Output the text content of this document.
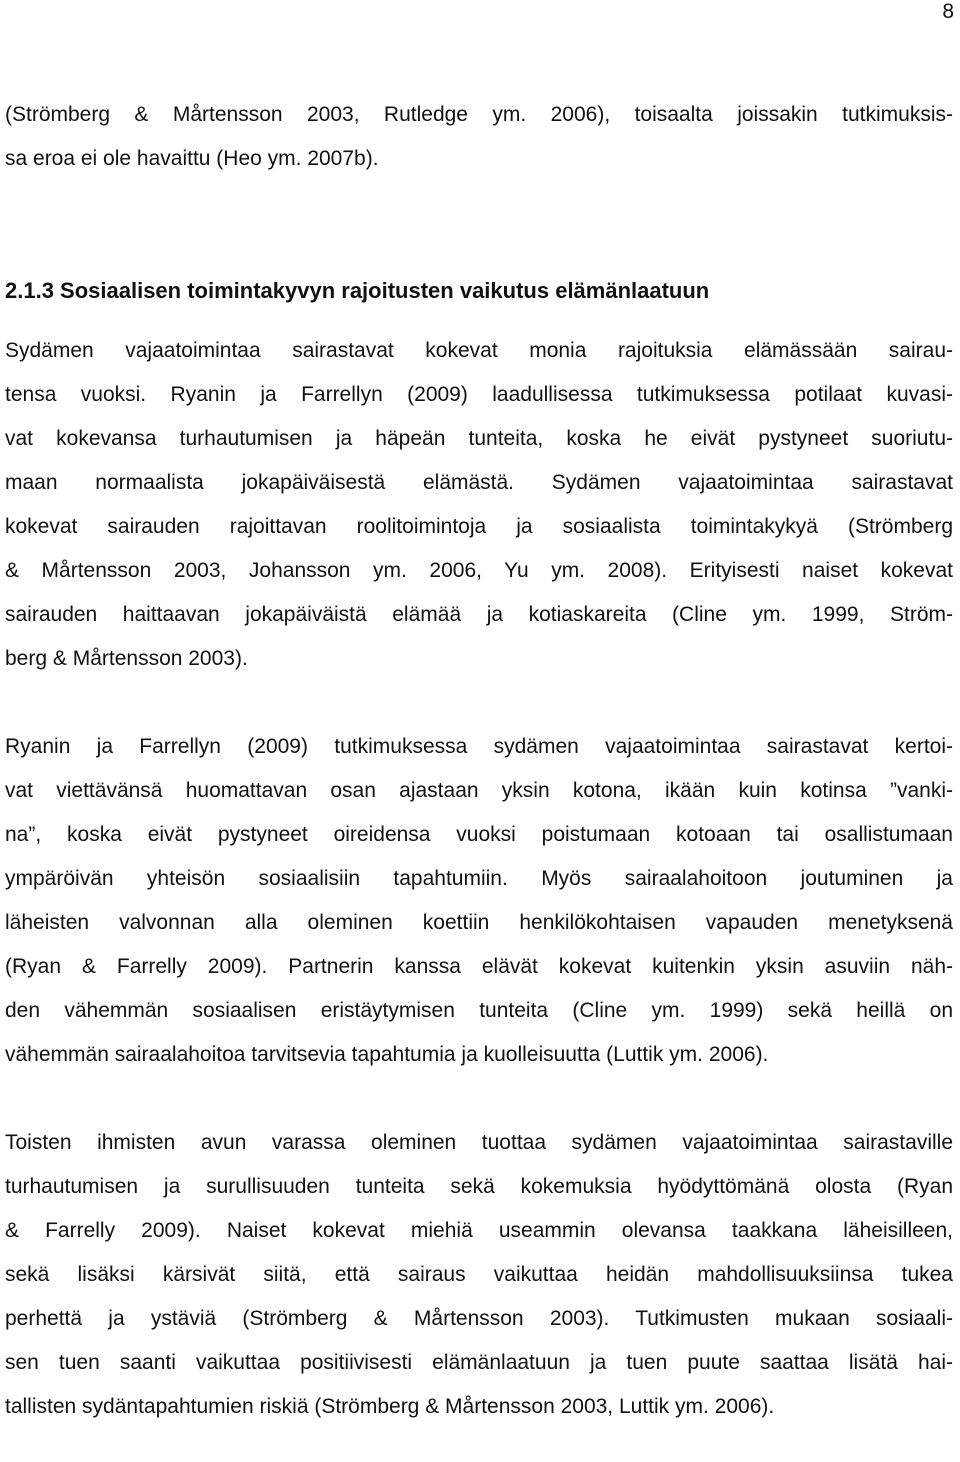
8
(Strömberg & Mårtensson 2003, Rutledge ym. 2006), toisaalta joissakin tutkimuksis-
sa eroa ei ole havaittu (Heo ym. 2007b).
2.1.3 Sosiaalisen toimintakyvyn rajoitusten vaikutus elämänlaatuun
Sydämen vajaatoimintaa sairastavat kokevat monia rajoituksia elämässään sairau-
tensa vuoksi. Ryanin ja Farrellyn (2009) laadullisessa tutkimuksessa potilaat kuvasi-
vat kokevansa turhautumisen ja häpeän tunteita, koska he eivät pystyneet suoriutu-
maan normaalista jokapäiväisestä elämästä. Sydämen vajaatoimintaa sairastavat
kokevat sairauden rajoittavan roolitoimintoja ja sosiaalista toimintakykyä (Strömberg
& Mårtensson 2003, Johansson ym. 2006, Yu ym. 2008). Erityisesti naiset kokevat
sairauden haittaavan jokapäiväistä elämää ja kotiaskareita (Cline ym. 1999, Ström-
berg & Mårtensson 2003).
Ryanin ja Farrellyn (2009) tutkimuksessa sydämen vajaatoimintaa sairastavat kertoi-
vat viettävänsä huomattavan osan ajastaan yksin kotona, ikään kuin kotinsa ”vanki-
na”, koska eivät pystyneet oireidensa vuoksi poistumaan kotoaan tai osallistumaan
ympäröivän yhteisön sosiaalisiin tapahtumiin. Myös sairaalahoitoon joutuminen ja
läheisten valvonnan alla oleminen koettiin henkilökohtaisen vapauden menetyksenä
(Ryan & Farrelly 2009). Partnerin kanssa elävät kokevat kuitenkin yksin asuviin näh-
den vähemmän sosiaalisen eristäytymisen tunteita (Cline ym. 1999) sekä heillä on
vähemmän sairaalahoitoa tarvitsevia tapahtumia ja kuolleisuutta (Luttik ym. 2006).
Toisten ihmisten avun varassa oleminen tuottaa sydämen vajaatoimintaa sairastaville
turhautumisen ja surullisuuden tunteita sekä kokemuksia hyödyttömänä olosta (Ryan
& Farrelly 2009). Naiset kokevat miehiä useammin olevansa taakkana läheisilleen,
sekä lisäksi kärsivät siitä, että sairaus vaikuttaa heidän mahdollisuuksiinsa tukea
perhettä ja ystäviä (Strömberg & Mårtensson 2003). Tutkimusten mukaan sosiaali-
sen tuen saanti vaikuttaa positiivisesti elämänlaatuun ja tuen puute saattaa lisätä hai-
tallisten sydäntapahtumien riskiä (Strömberg & Mårtensson 2003, Luttik ym. 2006).
